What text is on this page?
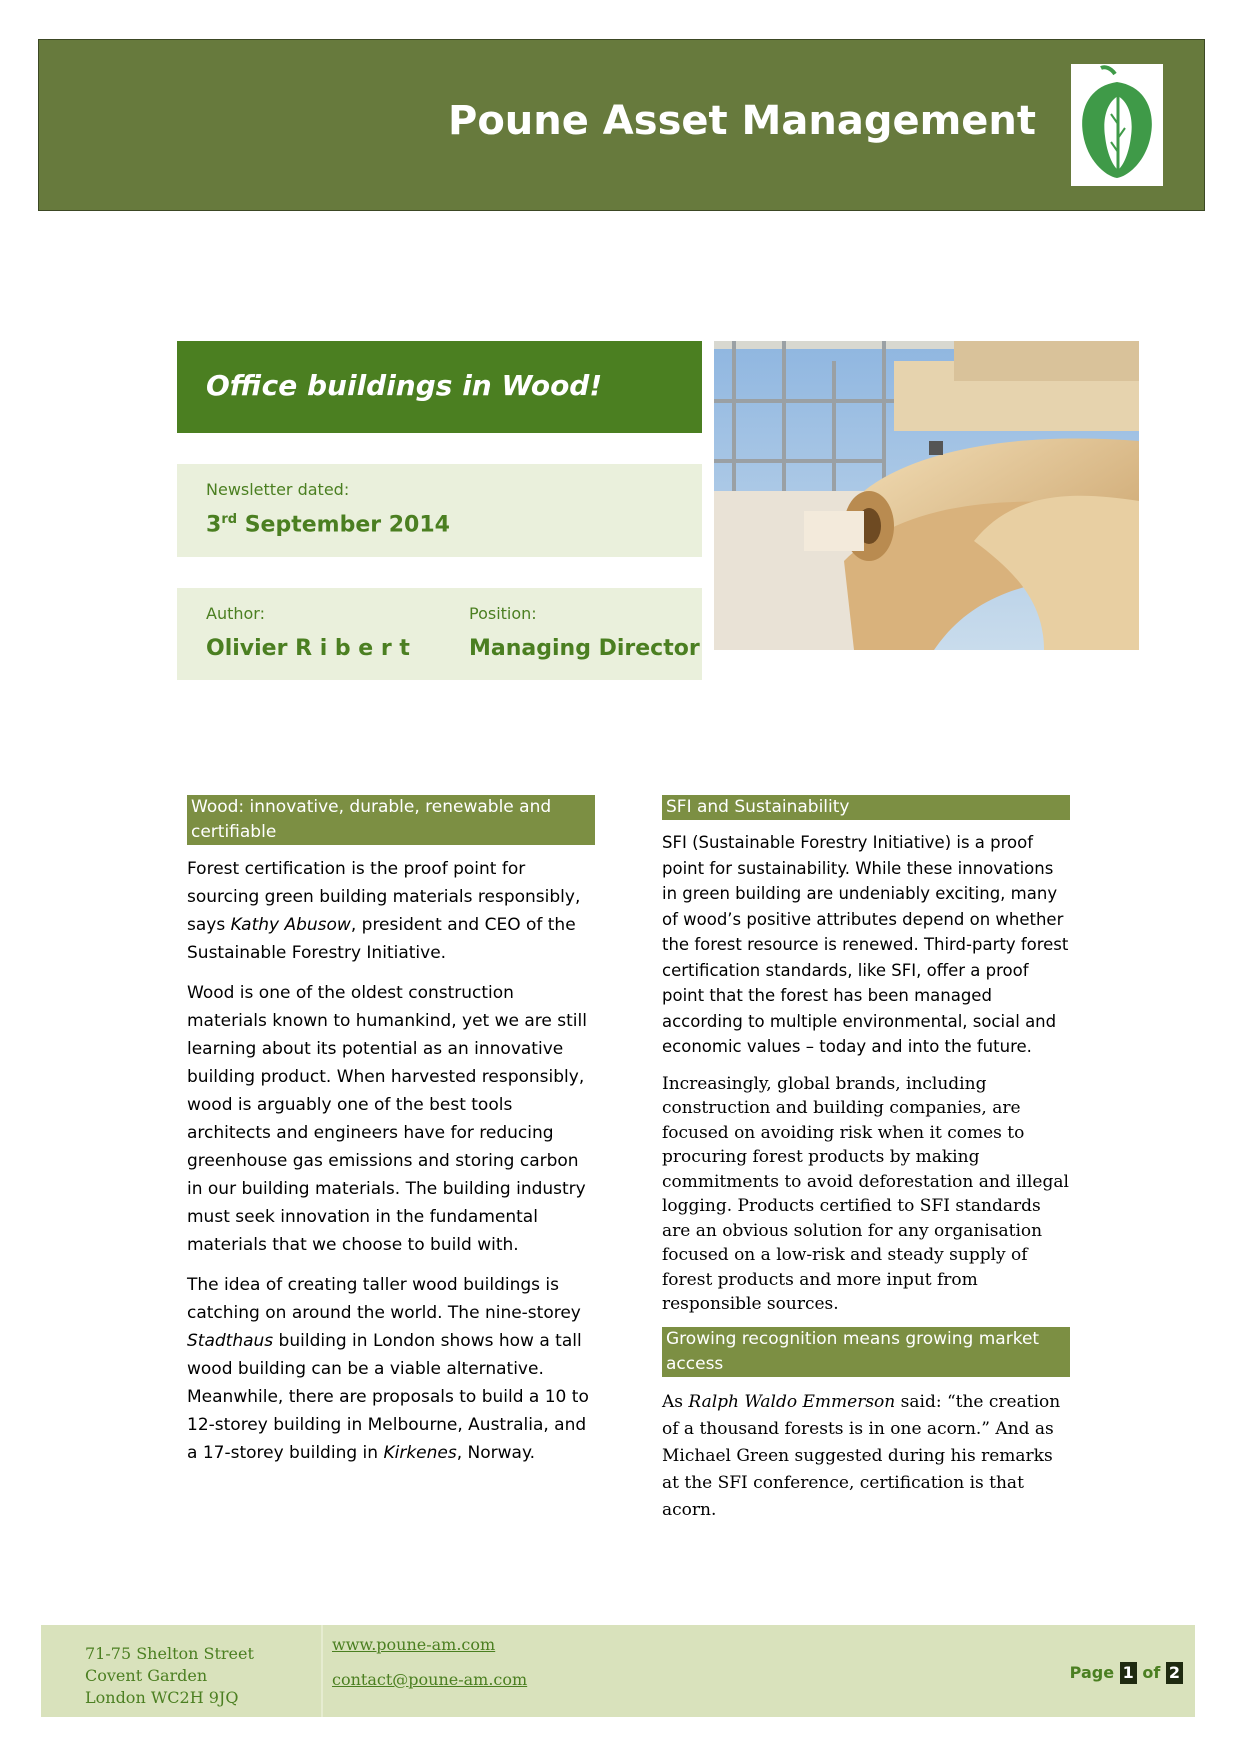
Poune Asset Management
Office buildings in Wood!
Newsletter dated:
3rd September 2014
Author:
Olivier R i b e r t
Position:
Managing Director
Wood: innovative, durable, renewable and certifiable

Forest certification is the proof point for sourcing green building materials responsibly, says Kathy Abusow, president and CEO of the Sustainable Forestry Initiative.

Wood is one of the oldest construction materials known to humankind, yet we are still learning about its potential as an innovative building product. When harvested responsibly, wood is arguably one of the best tools architects and engineers have for reducing greenhouse gas emissions and storing carbon in our building materials. The building industry must seek innovation in the fundamental materials that we choose to build with.

The idea of creating taller wood buildings is catching on around the world. The nine-storey Stadthaus building in London shows how a tall wood building can be a viable alternative. Meanwhile, there are proposals to build a 10 to 12-storey building in Melbourne, Australia, and a 17-storey building in Kirkenes, Norway.

SFI and Sustainability

SFI (Sustainable Forestry Initiative) is a proof point for sustainability. While these innovations in green building are undeniably exciting, many of wood’s positive attributes depend on whether the forest resource is renewed. Third-party forest certification standards, like SFI, offer a proof point that the forest has been managed according to multiple environmental, social and economic values – today and into the future.

Increasingly, global brands, including construction and building companies, are focused on avoiding risk when it comes to procuring forest products by making commitments to avoid deforestation and illegal logging. Products certified to SFI standards are an obvious solution for any organisation focused on a low-risk and steady supply of forest products and more input from responsible sources.

Growing recognition means growing market access

As Ralph Waldo Emmerson said: “the creation of a thousand forests is in one acorn.” And as Michael Green suggested during his remarks at the SFI conference, certification is that acorn.

71-75 Shelton Street
Covent Garden
London WC2H 9JQ
www.poune-am.com
contact@poune-am.com	Page 1 of 2
